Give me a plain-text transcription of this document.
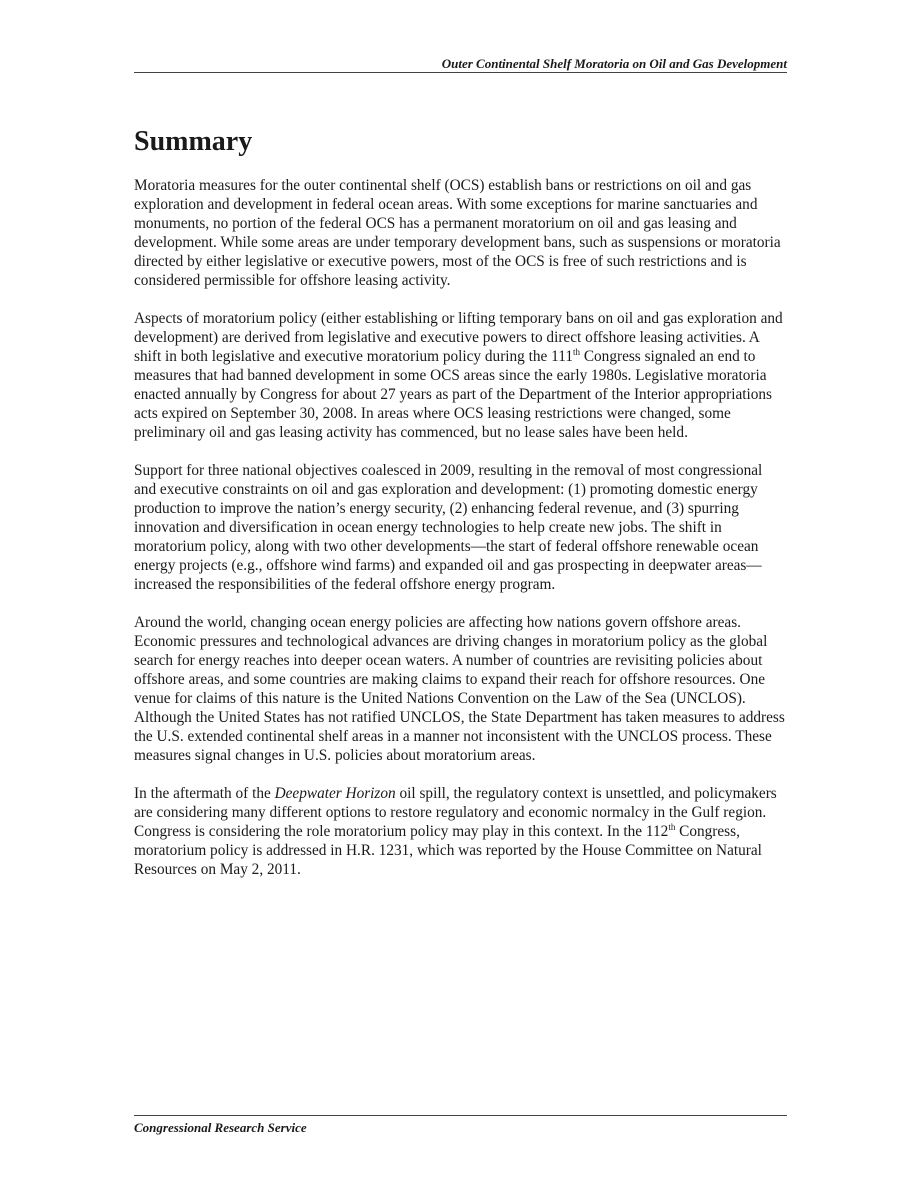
Outer Continental Shelf Moratoria on Oil and Gas Development
Summary

Moratoria measures for the outer continental shelf (OCS) establish bans or restrictions on oil and gas exploration and development in federal ocean areas. With some exceptions for marine sanctuaries and monuments, no portion of the federal OCS has a permanent moratorium on oil and gas leasing and development. While some areas are under temporary development bans, such as suspensions or moratoria directed by either legislative or executive powers, most of the OCS is free of such restrictions and is considered permissible for offshore leasing activity.

Aspects of moratorium policy (either establishing or lifting temporary bans on oil and gas exploration and development) are derived from legislative and executive powers to direct offshore leasing activities. A shift in both legislative and executive moratorium policy during the 111th Congress signaled an end to measures that had banned development in some OCS areas since the early 1980s. Legislative moratoria enacted annually by Congress for about 27 years as part of the Department of the Interior appropriations acts expired on September 30, 2008. In areas where OCS leasing restrictions were changed, some preliminary oil and gas leasing activity has commenced, but no lease sales have been held.

Support for three national objectives coalesced in 2009, resulting in the removal of most congressional and executive constraints on oil and gas exploration and development: (1) promoting domestic energy production to improve the nation’s energy security, (2) enhancing federal revenue, and (3) spurring innovation and diversification in ocean energy technologies to help create new jobs. The shift in moratorium policy, along with two other developments—the start of federal offshore renewable ocean energy projects (e.g., offshore wind farms) and expanded oil and gas prospecting in deepwater areas—increased the responsibilities of the federal offshore energy program.

Around the world, changing ocean energy policies are affecting how nations govern offshore areas. Economic pressures and technological advances are driving changes in moratorium policy as the global search for energy reaches into deeper ocean waters. A number of countries are revisiting policies about offshore areas, and some countries are making claims to expand their reach for offshore resources. One venue for claims of this nature is the United Nations Convention on the Law of the Sea (UNCLOS). Although the United States has not ratified UNCLOS, the State Department has taken measures to address the U.S. extended continental shelf areas in a manner not inconsistent with the UNCLOS process. These measures signal changes in U.S. policies about moratorium areas.

In the aftermath of the Deepwater Horizon oil spill, the regulatory context is unsettled, and policymakers are considering many different options to restore regulatory and economic normalcy in the Gulf region. Congress is considering the role moratorium policy may play in this context. In the 112th Congress, moratorium policy is addressed in H.R. 1231, which was reported by the House Committee on Natural Resources on May 2, 2011.

Congressional Research Service
